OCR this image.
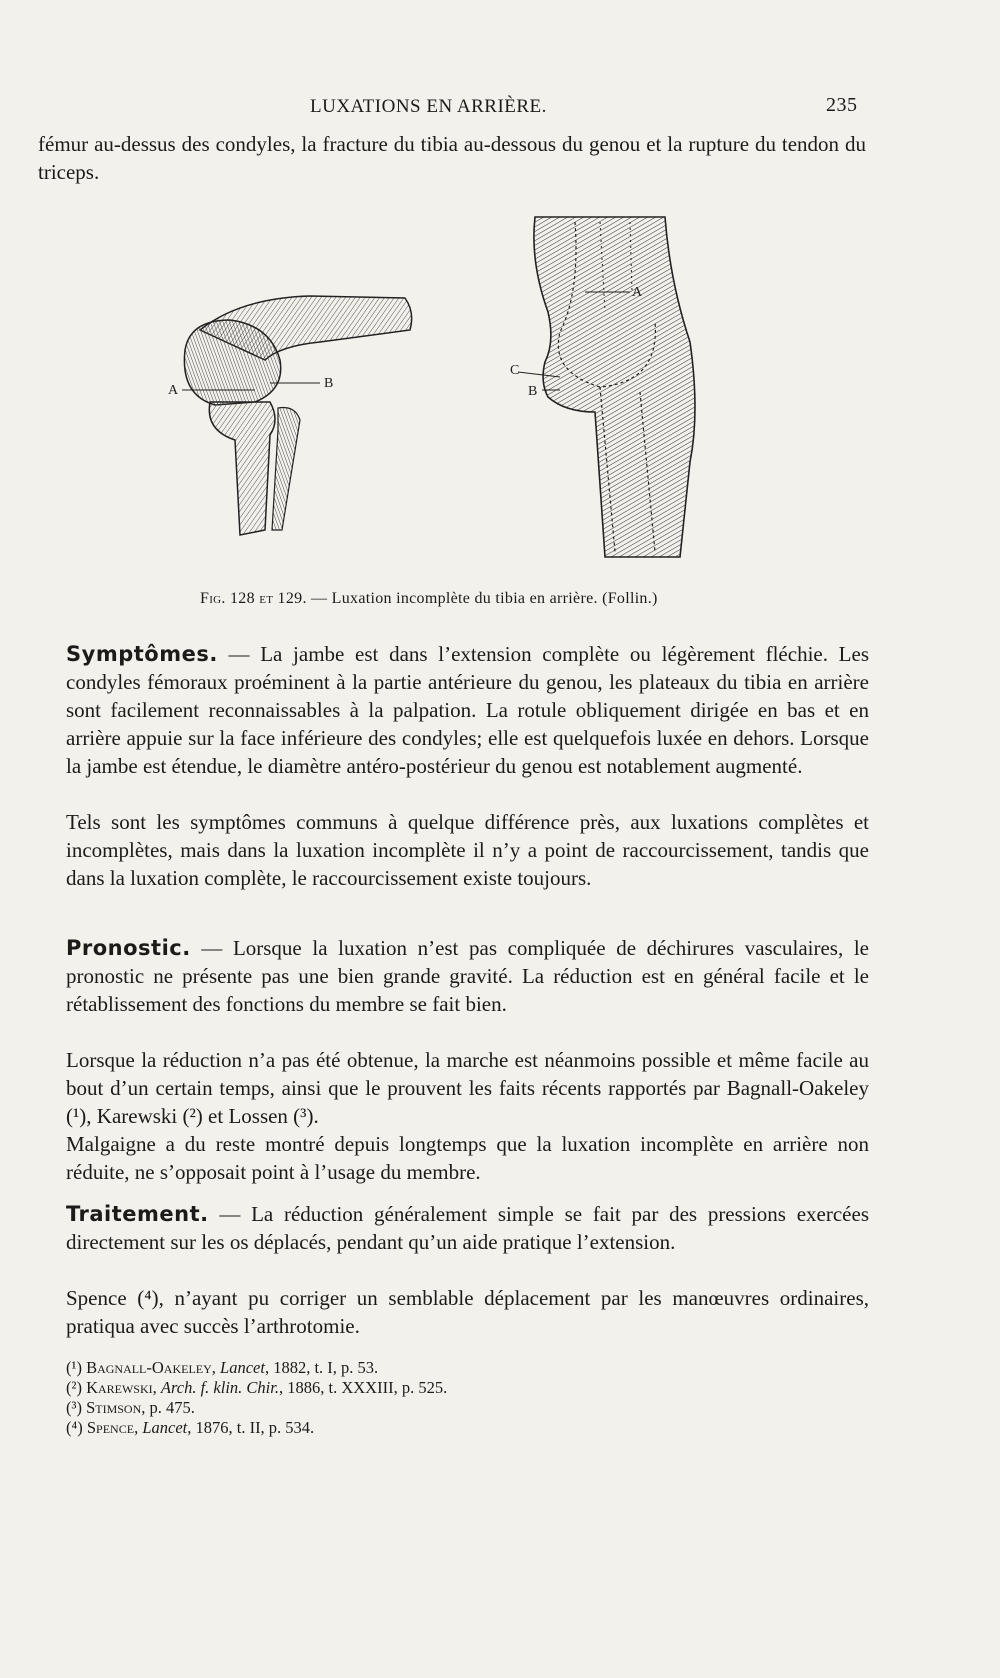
LUXATIONS EN ARRIÈRE.	235
fémur au-dessus des condyles, la fracture du tibia au-dessous du genou et la rupture du tendon du triceps.
A	B
A
B
C
Fig. 128 et 129. — Luxation incomplète du tibia en arrière. (Follin.)
Symptômes. — La jambe est dans l’extension complète ou légèrement fléchie. Les condyles fémoraux proéminent à la partie antérieure du genou, les plateaux du tibia en arrière sont facilement reconnaissables à la palpation. La rotule obliquement dirigée en bas et en arrière appuie sur la face inférieure des condyles; elle est quelquefois luxée en dehors. Lorsque la jambe est étendue, le diamètre antéro-postérieur du genou est notablement augmenté.
Tels sont les symptômes communs à quelque différence près, aux luxations complètes et incomplètes, mais dans la luxation incomplète il n’y a point de raccourcissement, tandis que dans la luxation complète, le raccourcissement existe toujours.
Pronostic. — Lorsque la luxation n’est pas compliquée de déchirures vasculaires, le pronostic ne présente pas une bien grande gravité. La réduction est en général facile et le rétablissement des fonctions du membre se fait bien.
Lorsque la réduction n’a pas été obtenue, la marche est néanmoins possible et même facile au bout d’un certain temps, ainsi que le prouvent les faits récents rapportés par Bagnall-Oakeley (¹), Karewski (²) et Lossen (³).
Malgaigne a du reste montré depuis longtemps que la luxation incomplète en arrière non réduite, ne s’opposait point à l’usage du membre.
Traitement. — La réduction généralement simple se fait par des pressions exercées directement sur les os déplacés, pendant qu’un aide pratique l’extension.
Spence (⁴), n’ayant pu corriger un semblable déplacement par les manœuvres ordinaires, pratiqua avec succès l’arthrotomie.
(¹) Bagnall-Oakeley, Lancet, 1882, t. I, p. 53.
(²) Karewski, Arch. f. klin. Chir., 1886, t. XXXIII, p. 525.
(³) Stimson, p. 475.
(⁴) Spence, Lancet, 1876, t. II, p. 534.
